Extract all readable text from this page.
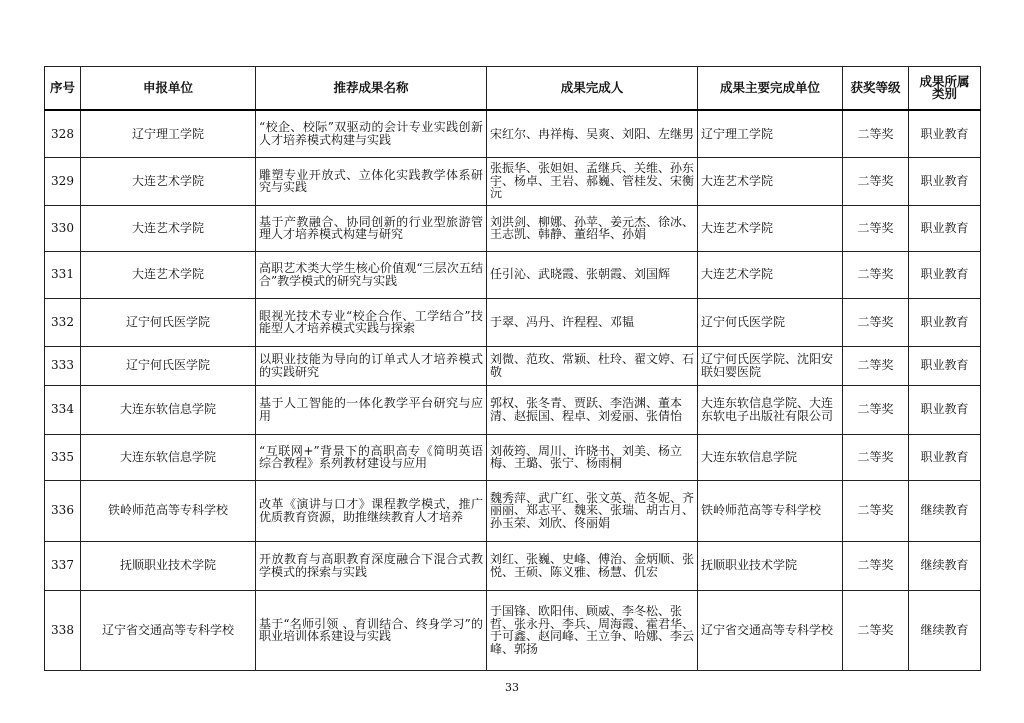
序号	申报单位	推荐成果名称	成果完成人	成果主要完成单位	获奖等级	成果所属类别
328	辽宁理工学院	“校企、校际”双驱动的会计专业实践创新人才培养模式构建与实践	宋红尔、冉祥梅、吴爽、刘阳、左继男	辽宁理工学院	二等奖	职业教育
329	大连艺术学院	雕塑专业开放式、立体化实践教学体系研究与实践	张振华、张妲妲、孟继兵、关维、孙东宇、杨卓、王岩、郝巍、管桂发、宋衡沅	大连艺术学院	二等奖	职业教育
330	大连艺术学院	基于产教融合、协同创新的行业型旅游管理人才培养模式构建与研究	刘洪剑、柳娜、孙苹、姜元杰、徐冰、王志凯、韩静、董绍华、孙娟	大连艺术学院	二等奖	职业教育
331	大连艺术学院	高职艺术类大学生核心价值观“三层次五结合”教学模式的研究与实践	任引沁、武晓霞、张朝霞、刘国辉	大连艺术学院	二等奖	职业教育
332	辽宁何氏医学院	眼视光技术专业“校企合作、工学结合”技能型人才培养模式实践与探索	于翠、冯丹、许程程、邓韫	辽宁何氏医学院	二等奖	职业教育
333	辽宁何氏医学院	以职业技能为导向的订单式人才培养模式的实践研究	刘微、范玫、常颖、杜玲、翟文婷、石敬	辽宁何氏医学院、沈阳安联妇婴医院	二等奖	职业教育
334	大连东软信息学院	基于人工智能的一体化教学平台研究与应用	郭权、张冬青、贾跃、李浩渊、董本清、赵振国、程卓、刘爱丽、张倩怡	大连东软信息学院、大连东软电子出版社有限公司	二等奖	职业教育
335	大连东软信息学院	“互联网+”背景下的高职高专《简明英语综合教程》系列教材建设与应用	刘莜筠、周川、许晓书、刘美、杨立梅、王璐、张宁、杨雨桐	大连东软信息学院	二等奖	职业教育
336	铁岭师范高等专科学校	改革《演讲与口才》课程教学模式，推广优质教育资源，助推继续教育人才培养	魏秀萍、武广红、张文英、范冬妮、齐丽丽、郑志平、魏来、张瑞、胡古月、孙玉荣、刘欣、佟丽娟	铁岭师范高等专科学校	二等奖	继续教育
337	抚顺职业技术学院	开放教育与高职教育深度融合下混合式教学模式的探索与实践	刘红、张巍、史峰、傅治、金炳顺、张悦、王硕、陈义雅、杨慧、仉宏	抚顺职业技术学院	二等奖	继续教育
338	辽宁省交通高等专科学校	基于“名师引领 、育训结合、终身学习”的职业培训体系建设与实践	于国锋、欧阳伟、顾威、李冬松、张哲、张永丹、李兵、周海霞、霍君华、于可鑫、赵同峰、王立争、哈娜、李云峰、郭扬	辽宁省交通高等专科学校	二等奖	继续教育
33
